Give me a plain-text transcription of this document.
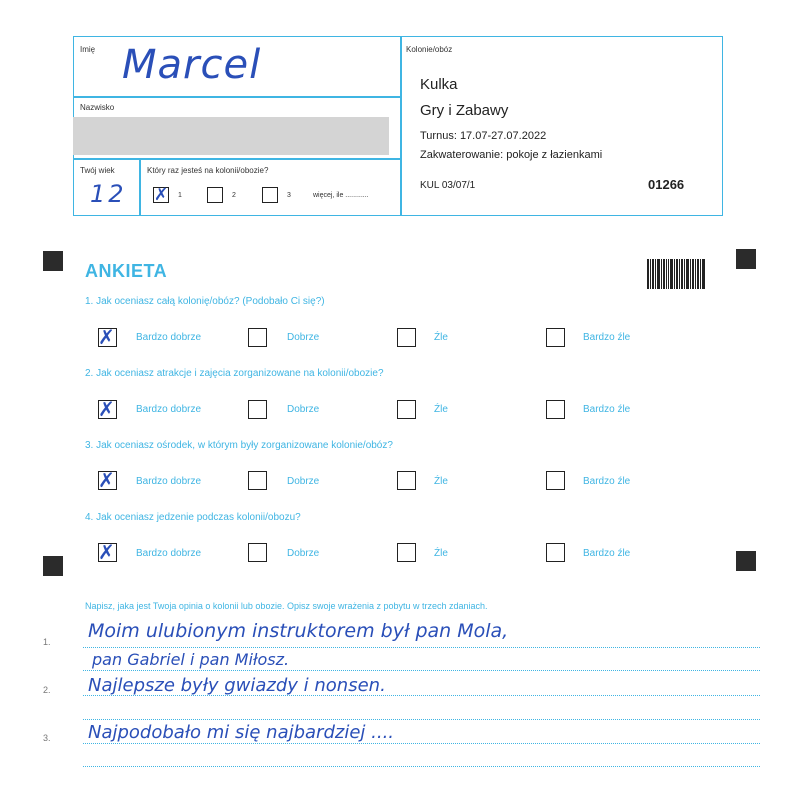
Imię Marcel
Nazwisko
Twój wiek
12
Który raz jesteś na kolonii/obozie?
✗ 1	2	3	więcej, ile ............
Kolonie/obóz
Kulka
Gry i Zabawy
Turnus: 17.07-27.07.2022
Zakwaterowanie: pokoje z łazienkami
KUL 03/07/1	01266
ANKIETA
1. Jak oceniasz całą kolonię/obóz? (Podobało Ci się?)
✗ Bardzo dobrze	Dobrze	Źle	Bardzo źle
2. Jak oceniasz atrakcje i zajęcia zorganizowane na kolonii/obozie?
✗ Bardzo dobrze	Dobrze	Źle	Bardzo źle
3. Jak oceniasz ośrodek, w którym były zorganizowane kolonie/obóz?
✗ Bardzo dobrze	Dobrze	Źle	Bardzo źle
4. Jak oceniasz jedzenie podczas kolonii/obozu?
✗ Bardzo dobrze	Dobrze	Źle	Bardzo źle
Napisz, jaka jest Twoja opinia o kolonii lub obozie. Opisz swoje wrażenia z pobytu w trzech zdaniach.
1.
2.
3.
Moim ulubionym instruktorem był pan Mola,
pan Gabriel i pan Miłosz.
Najlepsze były gwiazdy i nonsen.
Najpodobało mi się najbardziej ....
